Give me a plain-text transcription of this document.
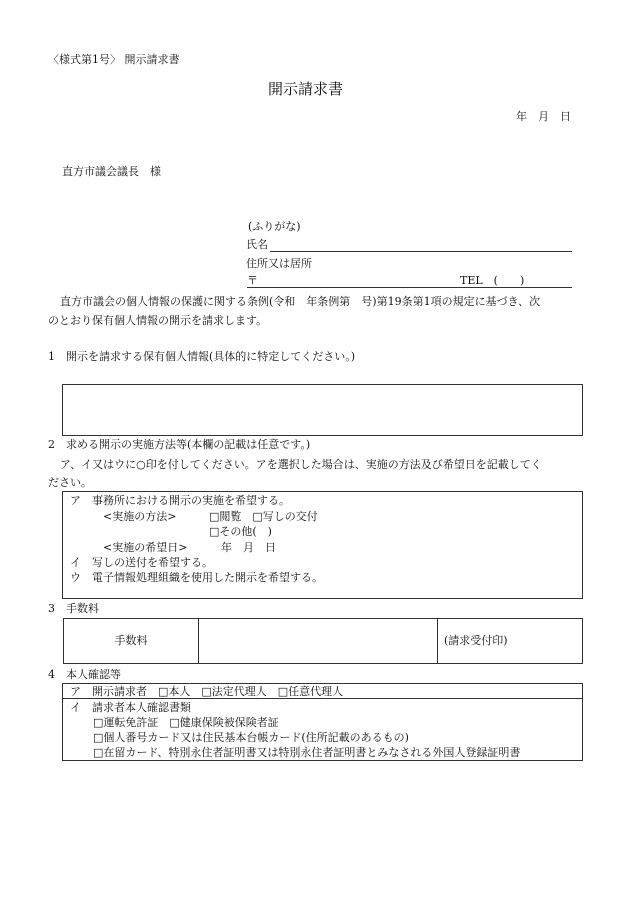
〈様式第1号〉 開示請求書
開示請求書
年　月　日
直方市議会議長　様
(ふりがな)
氏名
住所又は居所
〒	TEL　(　　)
直方市議会の個人情報の保護に関する条例(令和　年条例第　号)第19条第1項の規定に基づき、次
のとおり保有個人情報の開示を請求します。
1　開示を請求する保有個人情報(具体的に特定してください。)
2　求める開示の実施方法等(本欄の記載は任意です。)
ア、イ又はウに○印を付してください。アを選択した場合は、実施の方法及び希望日を記載してく
ださい。
ア　事務所における開示の実施を希望する。
<実施の方法>	□閲覧　□写しの交付
□その他(　)
<実施の希望日>	年　月　日
イ　写しの送付を希望する。
ウ　電子情報処理組織を使用した開示を希望する。
3　手数料
手数料		(請求受付印)
4　本人確認等
ア　開示請求者　□本人　□法定代理人　□任意代理人
イ　請求者本人確認書類
□運転免許証　□健康保険被保険者証
□個人番号カード又は住民基本台帳カード(住所記載のあるもの)
□在留カード、特別永住者証明書又は特別永住者証明書とみなされる外国人登録証明書
